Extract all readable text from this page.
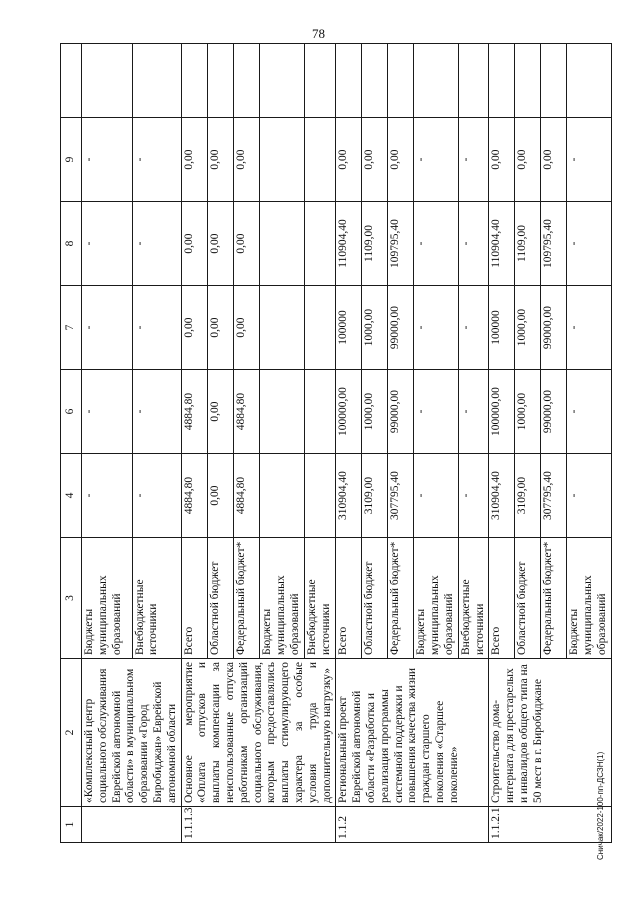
78
Сничак/2022-100-пп-ДСЗН(1)
1	2	3	4	6	7	8	9	
	«Комплексный центр социального обслуживания Еврейской автономной области» в муниципальном образовании «Город Биробиджан» Еврейской автономной области	Бюджеты муниципальных образований	-	-	-	-	-	
		Внебюджетные источники	-	-	-	-	-	
1.1.1.3	Основное мероприятие «Оплата отпусков и выплаты компенсации за неиспользованные отпуска работникам организаций социального обслуживания, которым предоставлялись выплаты стимулирующего характера за особые условия труда и дополнительную нагрузку»	Всего	4884,80	4884,80	0,00	0,00	0,00	
		Областной бюджет	0,00	0,00	0,00	0,00	0,00	
		Федеральный бюджет*	4884,80	4884,80	0,00	0,00	0,00	
		Бюджеты муниципальных образований						
		Внебюджетные источники						
1.1.2	Региональный проект Еврейской автономной области «Разработка и реализация программы системной поддержки и повышения качества жизни граждан старшего поколения «Старшее поколение»	Всего	310904,40	100000,00	100000	110904,40	0,00	
		Областной бюджет	3109,00	1000,00	1000,00	1109,00	0,00	
		Федеральный бюджет*	307795,40	99000,00	99000,00	109795,40	0,00	
		Бюджеты муниципальных образований	-	-	-	-	-	
		Внебюджетные источники	-	-	-	-	-	
1.1.2.1	Строительство дома-интерната для престарелых и инвалидов общего типа на 50 мест в г. Биробиджане	Всего	310904,40	100000,00	100000	110904,40	0,00	
		Областной бюджет	3109,00	1000,00	1000,00	1109,00	0,00	
		Федеральный бюджет*	307795,40	99000,00	99000,00	109795,40	0,00	
		Бюджеты муниципальных образований	-	-	-	-	-	
